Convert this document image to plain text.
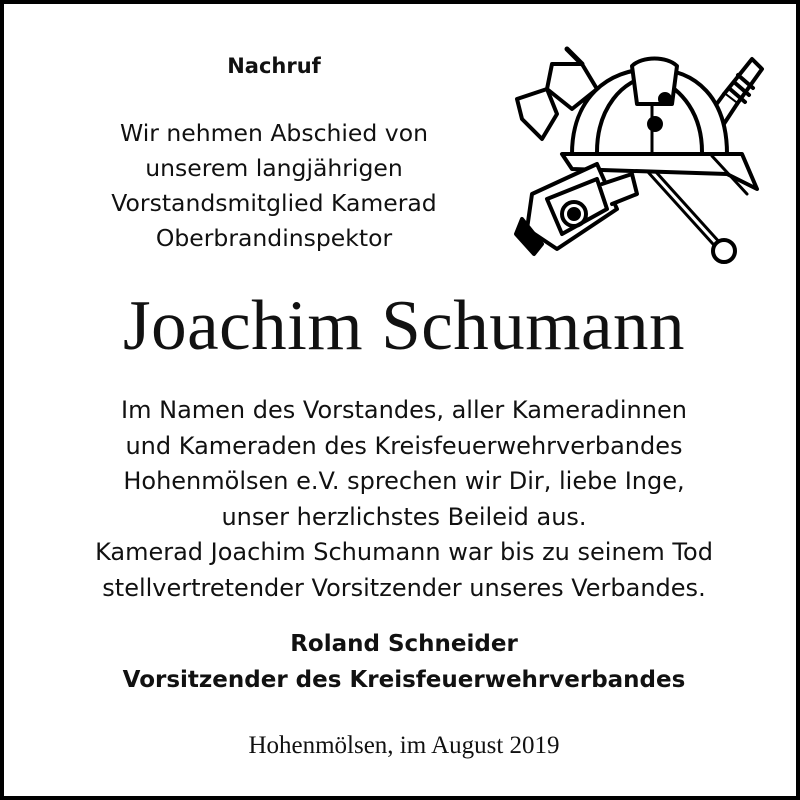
Nachruf
Wir nehmen Abschied von
unserem langjährigen
Vorstandsmitglied Kamerad
Oberbrandinspektor
Joachim Schumann
Im Namen des Vorstandes, aller Kameradinnen
und Kameraden des Kreisfeuerwehrverbandes
Hohenmölsen e.V. sprechen wir Dir, liebe Inge,
unser herzlichstes Beileid aus.
Kamerad Joachim Schumann war bis zu seinem Tod
stellvertretender Vorsitzender unseres Verbandes.
Roland Schneider
Vorsitzender des Kreisfeuerwehrverbandes
Hohenmölsen, im August 2019
